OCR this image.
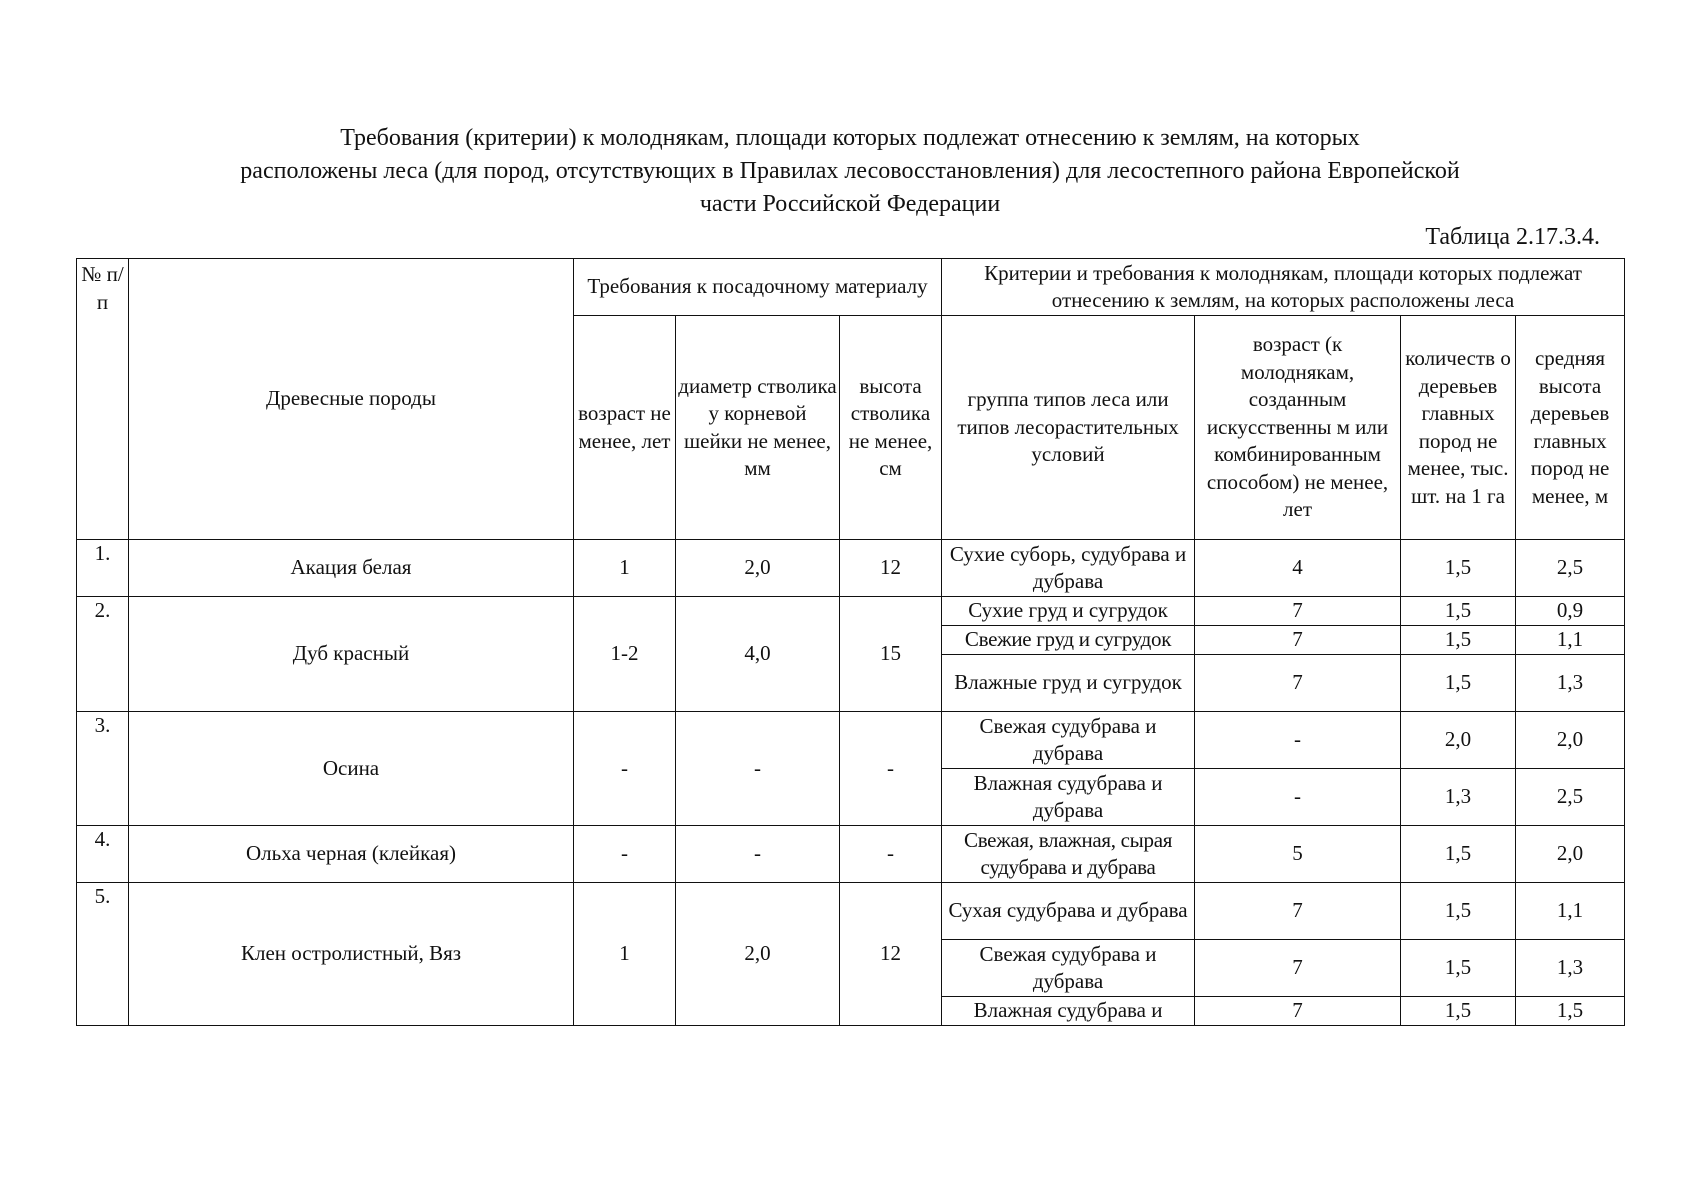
Требования (критерии) к молоднякам, площади которых подлежат отнесению к землям, на которых
расположены леса (для пород, отсутствующих в Правилах лесовосстановления) для лесостепного района Европейской
части Российской Федерации
Таблица 2.17.3.4.
№ п/п	Древесные породы	Требования к посадочному материалу			Критерии и требования к молоднякам, площади которых подлежат отнесению к землям, на которых расположены леса			
		возраст не менее, лет	диаметр стволика у корневой шейки не менее, мм	высота стволика не менее, см	группа типов леса или типов лесорастительных условий	возраст (к молоднякам, созданным искусственны м или комбинированным способом) не менее, лет	количеств о деревьев главных пород не менее, тыс. шт. на 1 га	средняя высота деревьев главных пород не менее, м
1.	Акация белая	1	2,0	12	Сухие суборь, судубрава и дубрава	4	1,5	2,5
2.	Дуб красный	1-2	4,0	15	Сухие груд и сугрудок	7	1,5	0,9
					Свежие груд и сугрудок	7	1,5	1,1
					Влажные груд и сугрудок	7	1,5	1,3
3.	Осина	-	-	-	Свежая судубрава и дубрава	-	2,0	2,0
					Влажная судубрава и дубрава	-	1,3	2,5
4.	Ольха черная (клейкая)	-	-	-	Свежая, влажная, сырая судубрава и дубрава	5	1,5	2,0
5.	Клен остролистный, Вяз	1	2,0	12	Сухая судубрава и дубрава	7	1,5	1,1
					Свежая судубрава и дубрава	7	1,5	1,3
					Влажная судубрава и	7	1,5	1,5
